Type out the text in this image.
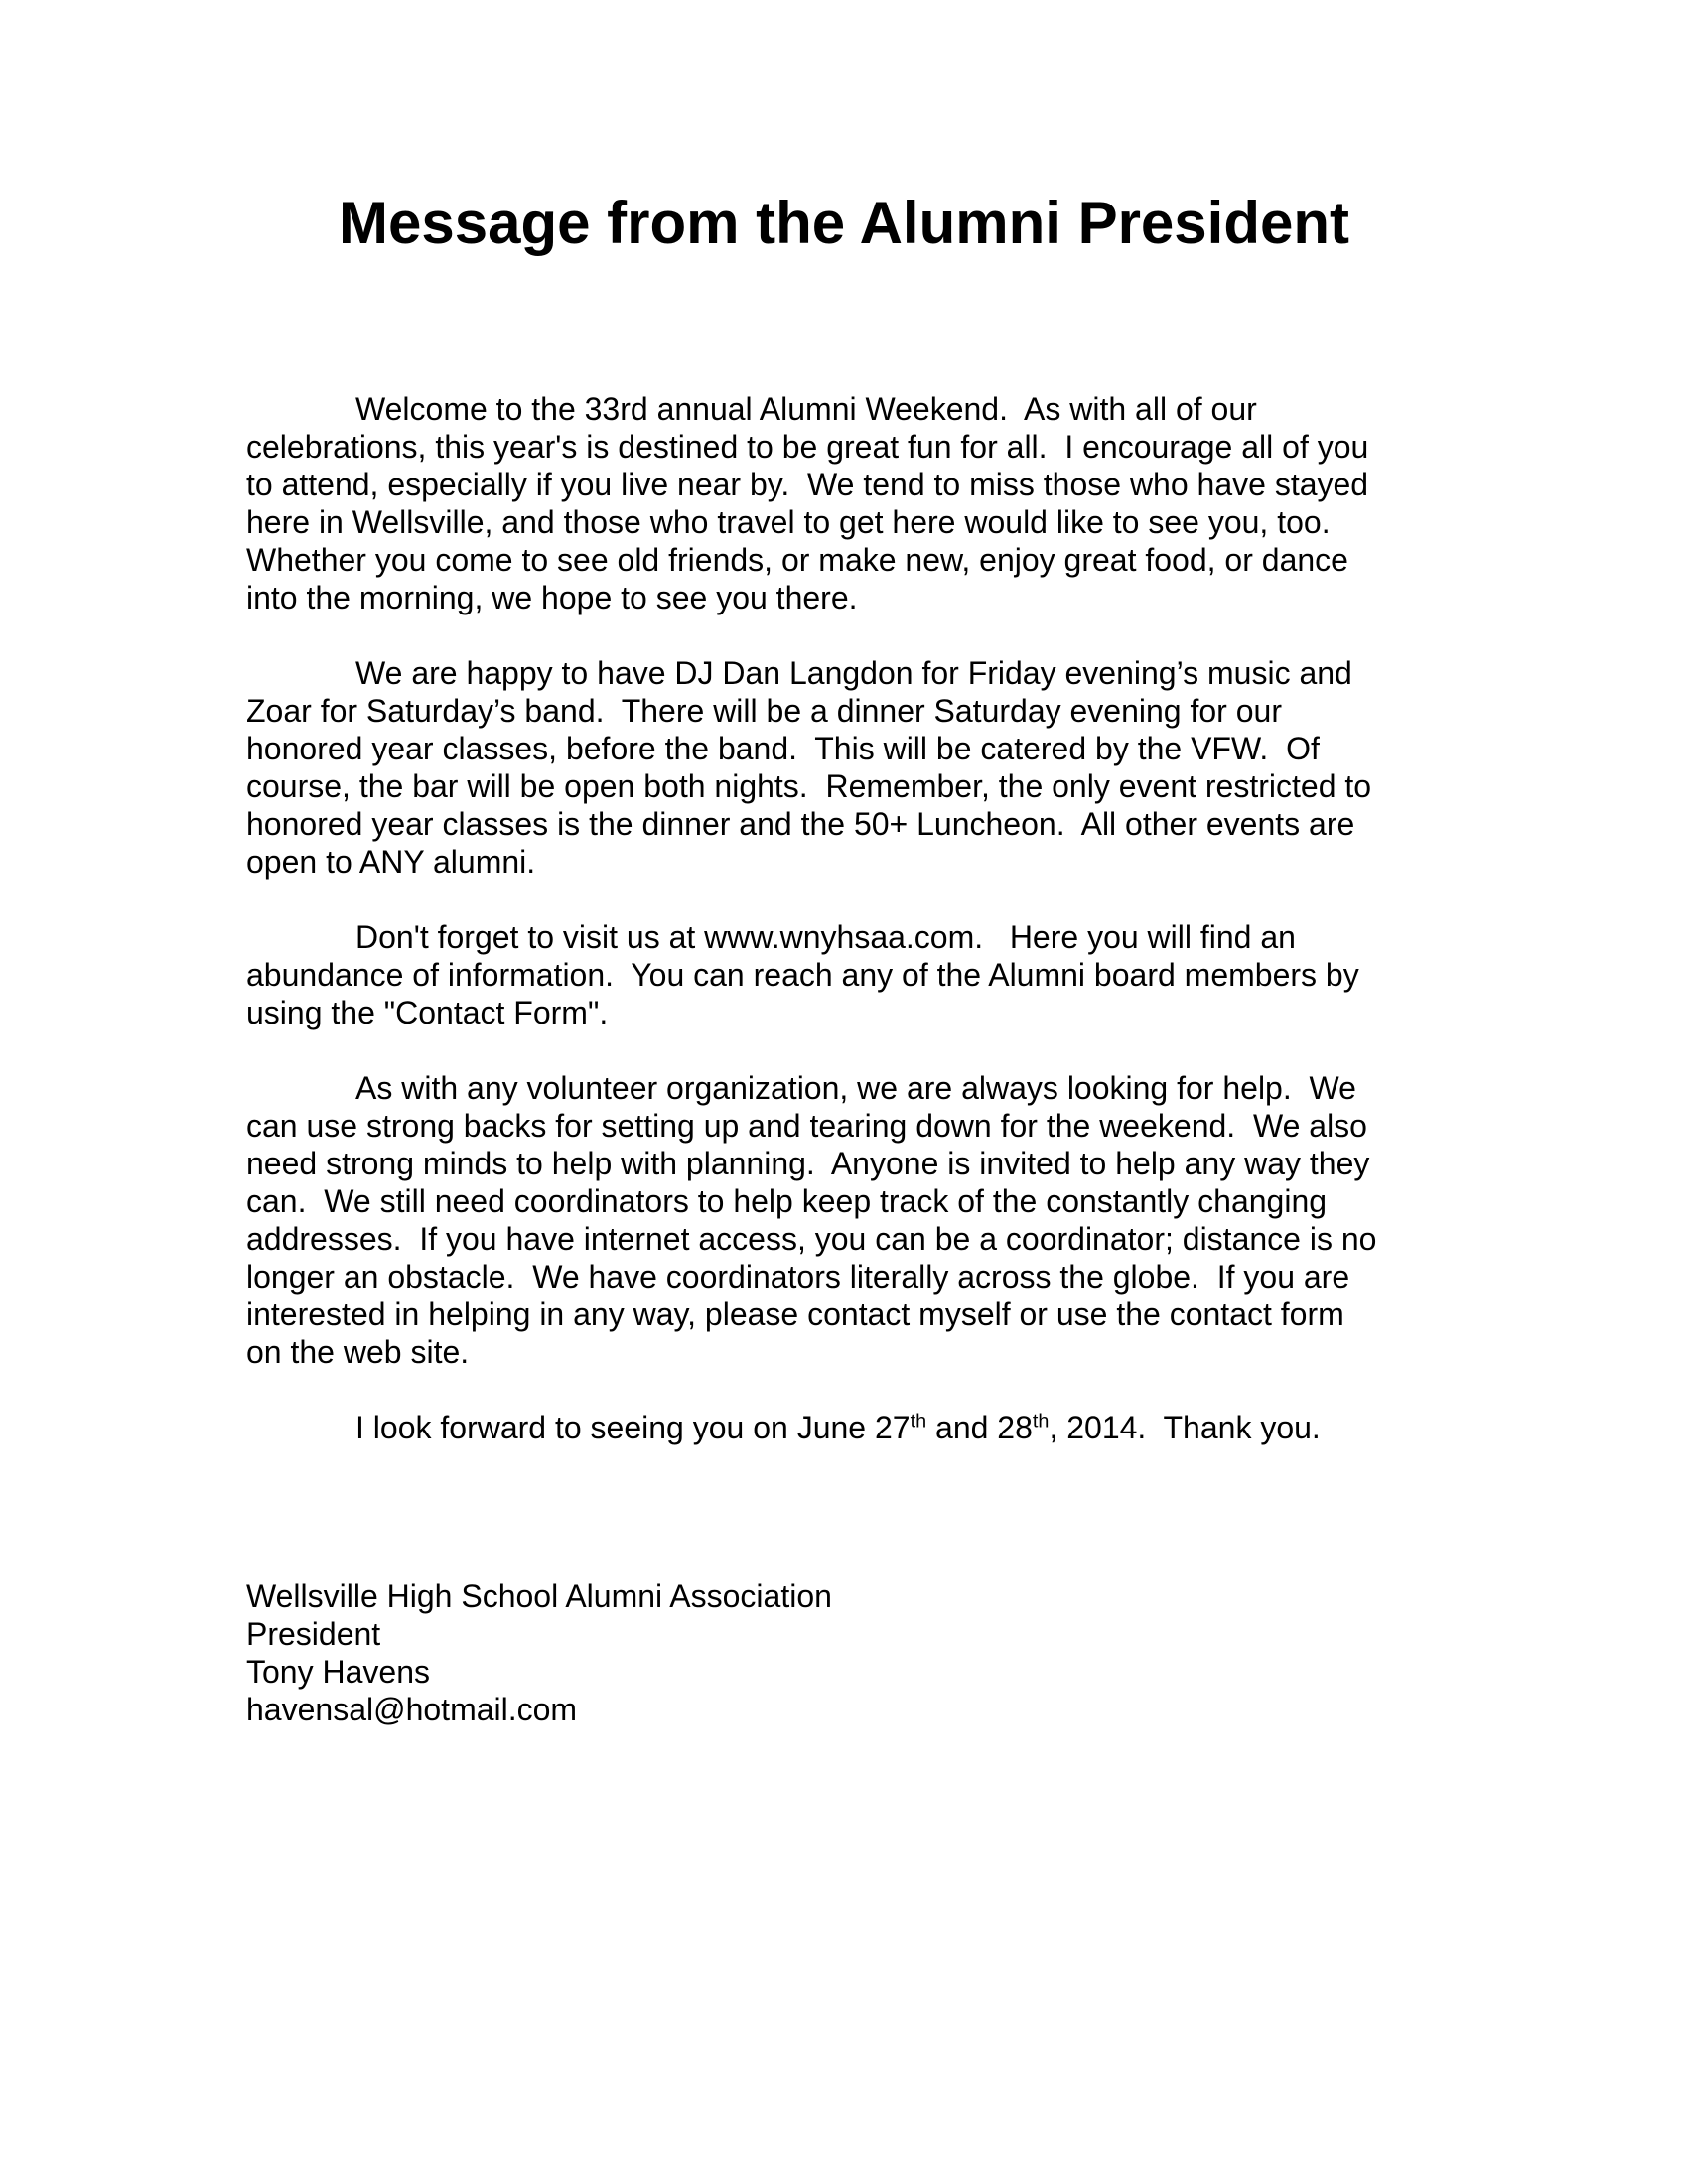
Message from the Alumni President
Welcome to the 33rd annual Alumni Weekend.  As with all of our
celebrations, this year's is destined to be great fun for all.  I encourage all of you
to attend, especially if you live near by.  We tend to miss those who have stayed
here in Wellsville, and those who travel to get here would like to see you, too.
Whether you come to see old friends, or make new, enjoy great food, or dance
into the morning, we hope to see you there.
We are happy to have DJ Dan Langdon for Friday evening’s music and
Zoar for Saturday’s band.  There will be a dinner Saturday evening for our
honored year classes, before the band.  This will be catered by the VFW.  Of
course, the bar will be open both nights.  Remember, the only event restricted to
honored year classes is the dinner and the 50+ Luncheon.  All other events are
open to ANY alumni.
Don't forget to visit us at www.wnyhsaa.com.   Here you will find an
abundance of information.  You can reach any of the Alumni board members by
using the "Contact Form".
As with any volunteer organization, we are always looking for help.  We
can use strong backs for setting up and tearing down for the weekend.  We also
need strong minds to help with planning.  Anyone is invited to help any way they
can.  We still need coordinators to help keep track of the constantly changing
addresses.  If you have internet access, you can be a coordinator; distance is no
longer an obstacle.  We have coordinators literally across the globe.  If you are
interested in helping in any way, please contact myself or use the contact form
on the web site.
I look forward to seeing you on June 27th and 28th, 2014.  Thank you.
Wellsville High School Alumni Association
President
Tony Havens
havensal@hotmail.com
